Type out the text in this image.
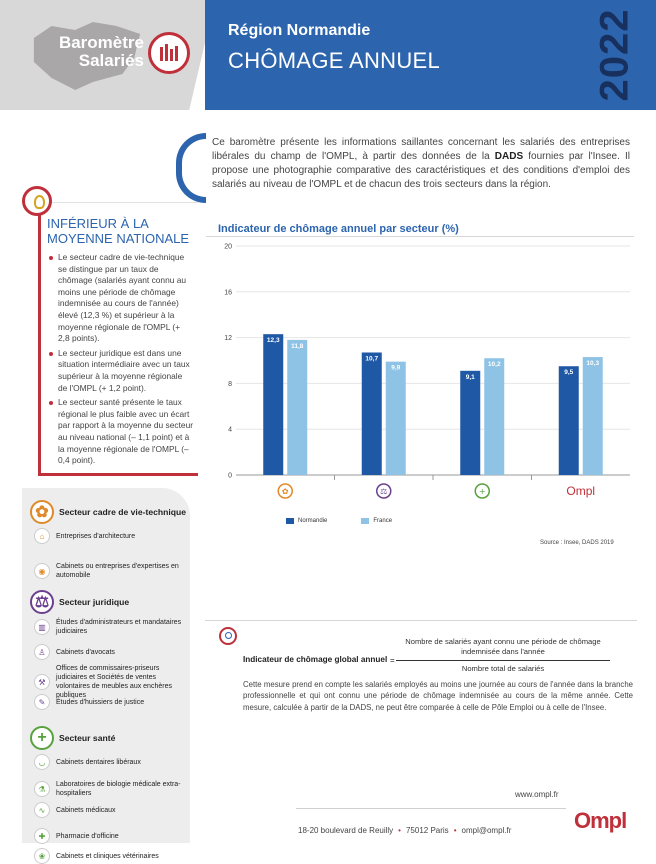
Baromètre
Salariés
Région Normandie
CHÔMAGE ANNUEL	2022

Ce baromètre présente les informations saillantes concernant les salariés des entreprises libérales du champ de l'OMPL, à partir des données de la DADS fournies par l'Insee. Il propose une photographie comparative des caractéristiques et des conditions d'emploi des salariés au niveau de l'OMPL et de chacun des trois secteurs dans la région.

INFÉRIEUR À LA MOYENNE NATIONALE
Le secteur cadre de vie-technique se distingue par un taux de chômage (salariés ayant connu au moins une période de chômage indemnisée au cours de l'année) élevé (12,3 %) et supérieur à la moyenne régionale de l'OMPL (+ 2,8 points).
Le secteur juridique est dans une situation intermédiaire avec un taux supérieur à la moyenne régionale de l'OMPL (+ 1,2 point).
Le secteur santé présente le taux régional le plus faible avec un écart par rapport à la moyenne du secteur au niveau national (– 1,1 point) et à la moyenne régionale de l'OMPL (– 0,4 point).
✿	Secteur cadre de vie-technique
⌂	Entreprises d'architecture
◉	Cabinets ou entreprises d'expertises en automobile
⚖	Secteur juridique
▥	Études d'administrateurs et mandataires judiciaires
♙	Cabinets d'avocats
⚒
Offices de commissaires-priseurs judiciaires et Sociétés de ventes volontaires de meubles aux enchères publiques
✎	Études d'huissiers de justice
+	Secteur santé
◡	Cabinets dentaires libéraux
⚗	Laboratoires de biologie médicale extra-hospitaliers
∿	Cabinets médicaux
✚	Pharmacie d'officine
❀	Cabinets et cliniques vétérinaires
Indicateur de chômage annuel par secteur (%)
0
4
8
12
16
20
12,3
11,8
✿
10,7
9,9
⚖
9,1
10,2
+
9,5
10,3
Ompl
Normandie	France
Source : Insee, DADS 2019
Indicateur de chômage global annuel =
Nombre de salariés ayant connu une période de chômage indemnisée dans l'année
Nombre total de salariés

Cette mesure prend en compte les salariés employés au moins une journée au cours de l'année dans la branche professionnelle et qui ont connu une période de chômage indemnisée au cours de la même année. Cette mesure, calculée à partir de la DADS, ne peut être comparée à celle de Pôle Emploi ou à celle de l'Insee.

www.ompl.fr
18-20 boulevard de Reuilly • 75012 Paris • ompl@ompl.fr	Ompl
